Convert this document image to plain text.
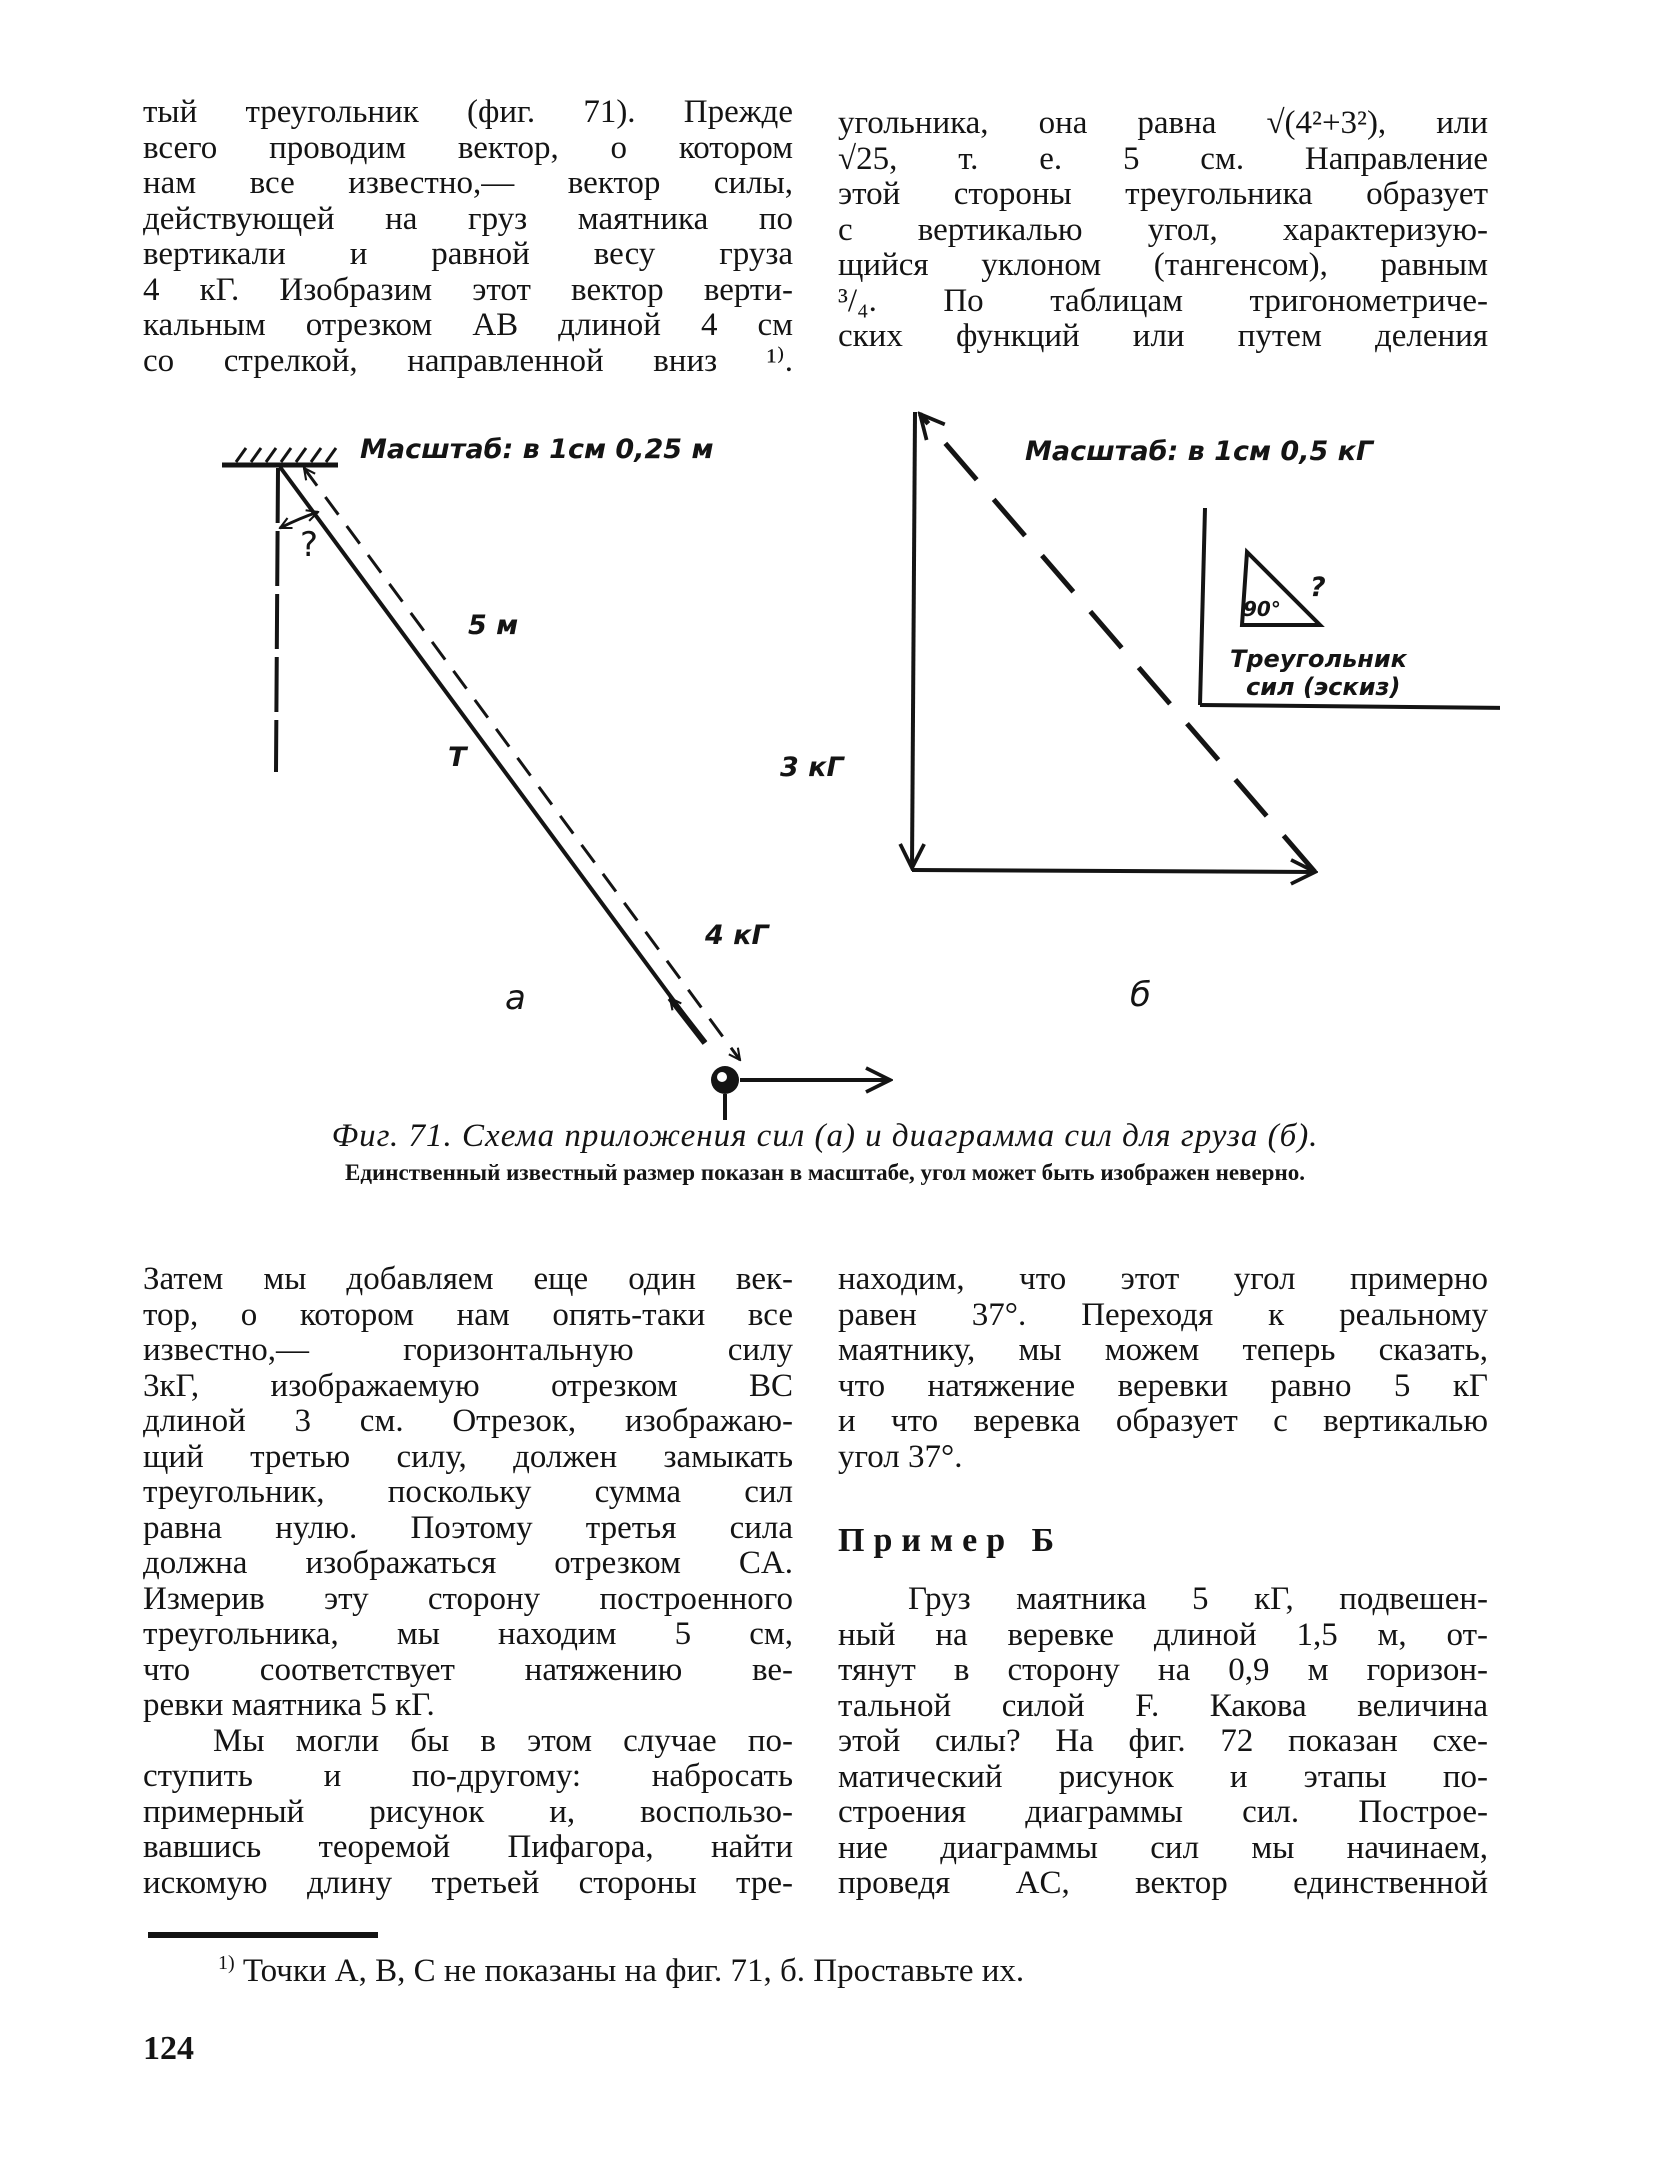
тый треугольник (фиг. 71). Прежде
всего проводим вектор, о котором
нам все известно,— вектор силы,
действующей на груз маятника по
вертикали и равной весу груза
4 кГ. Изобразим этот вектор верти-
кальным отрезком AB длиной 4 см
со стрелкой, направленной вниз ¹⁾.
угольника, она равна √(4²+3²), или
√25, т. е. 5 см. Направление
этой стороны треугольника образует
с вертикалью угол, характеризую-
щийся уклоном (тангенсом), равным
³/₄. По таблицам тригонометриче-
ских функций или путем деления
Масштаб: в 1см 0,25 м
?
5 м
T	3 кГ
4 кГ
а
Масштаб: в 1см 0,5 кГ
90°
?
Треугольник
сил (эскиз)
б
Фиг. 71. Схема приложения сил (а) и диаграмма сил для груза (б).
Единственный известный размер показан в масштабе, угол может быть изображен неверно.
Затем мы добавляем еще один век-
тор, о котором нам опять-таки все
известно,— горизонтальную силу
3кГ, изображаемую отрезком BC
длиной 3 см. Отрезок, изображаю-
щий третью силу, должен замыкать
треугольник, поскольку сумма сил
равна нулю. Поэтому третья сила
должна изображаться отрезком CA.
Измерив эту сторону построенного
треугольника, мы находим 5 см,
что соответствует натяжению ве-
ревки маятника 5 кГ.
Мы могли бы в этом случае по-
ступить и по-другому: набросать
примерный рисунок и, воспользо-
вавшись теоремой Пифагора, найти
искомую длину третьей стороны тре-
находим, что этот угол примерно
равен 37°. Переходя к реальному
маятнику, мы можем теперь сказать,
что натяжение веревки равно 5 кГ
и что веревка образует с вертикалью
угол 37°.
Пример Б
Груз маятника 5 кГ, подвешен-
ный на веревке длиной 1,5 м, от-
тянут в сторону на 0,9 м горизон-
тальной силой F. Какова величина
этой силы? На фиг. 72 показан схе-
матический рисунок и этапы по-
строения диаграммы сил. Построе-
ние диаграммы сил мы начинаем,
проведя AC, вектор единственной
$^{1)}$ Точки A, B, C не показаны на фиг. 71, б. Проставьте их.
124
